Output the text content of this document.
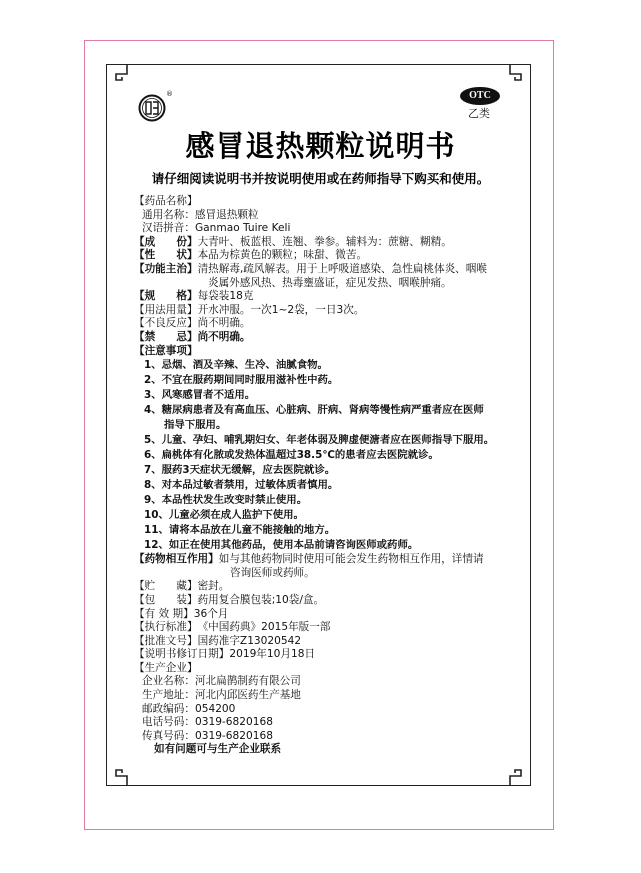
®	OTC
乙类
感冒退热颗粒说明书
请仔细阅读说明书并按说明使用或在药师指导下购买和使用。
【药品名称】
通用名称： 感冒退热颗粒
汉语拼音： Ganmao Tuire Keli
【成　　份】 大青叶、板蓝根、连翘、拳参。辅料为：蔗糖、糊精。
【性　　状】 本品为棕黄色的颗粒；味甜、微苦。
【功能主治】 清热解毒,疏风解表。用于上呼吸道感染、急性扁桃体炎、咽喉
炎属外感风热、热毒壅盛证，症见发热、咽喉肿痛。
【规　　格】 每袋装18克
【用法用量】 开水冲服。一次1~2袋，一日3次。
【不良反应】 尚不明确。
【禁　　忌】 尚不明确。
【注意事项】
1、忌烟、酒及辛辣、生冷、油腻食物。
2、不宜在服药期间同时服用滋补性中药。
3、风寒感冒者不适用。
4、糖尿病患者及有高血压、心脏病、肝病、肾病等慢性病严重者应在医师
指导下服用。
5、儿童、孕妇、哺乳期妇女、年老体弱及脾虚便溏者应在医师指导下服用。
6、扁桃体有化脓或发热体温超过38.5℃的患者应去医院就诊。
7、服药3天症状无缓解，应去医院就诊。
8、对本品过敏者禁用，过敏体质者慎用。
9、本品性状发生改变时禁止使用。
10、儿童必须在成人监护下使用。
11、请将本品放在儿童不能接触的地方。
12、如正在使用其他药品，使用本品前请咨询医师或药师。
【药物相互作用】 如与其他药物同时使用可能会发生药物相互作用，详情请
咨询医师或药师。
【贮　　藏】 密封。
【包　　装】 药用复合膜包装;10袋/盒。
【有 效 期】 36个月
【执行标准】 《中国药典》2015年版一部
【批准文号】 国药准字Z13020542
【说明书修订日期】 2019年10月18日
【生产企业】
企业名称： 河北扁鹊制药有限公司
生产地址： 河北内邱医药生产基地
邮政编码： 054200
电话号码： 0319-6820168
传真号码： 0319-6820168
如有问题可与生产企业联系
